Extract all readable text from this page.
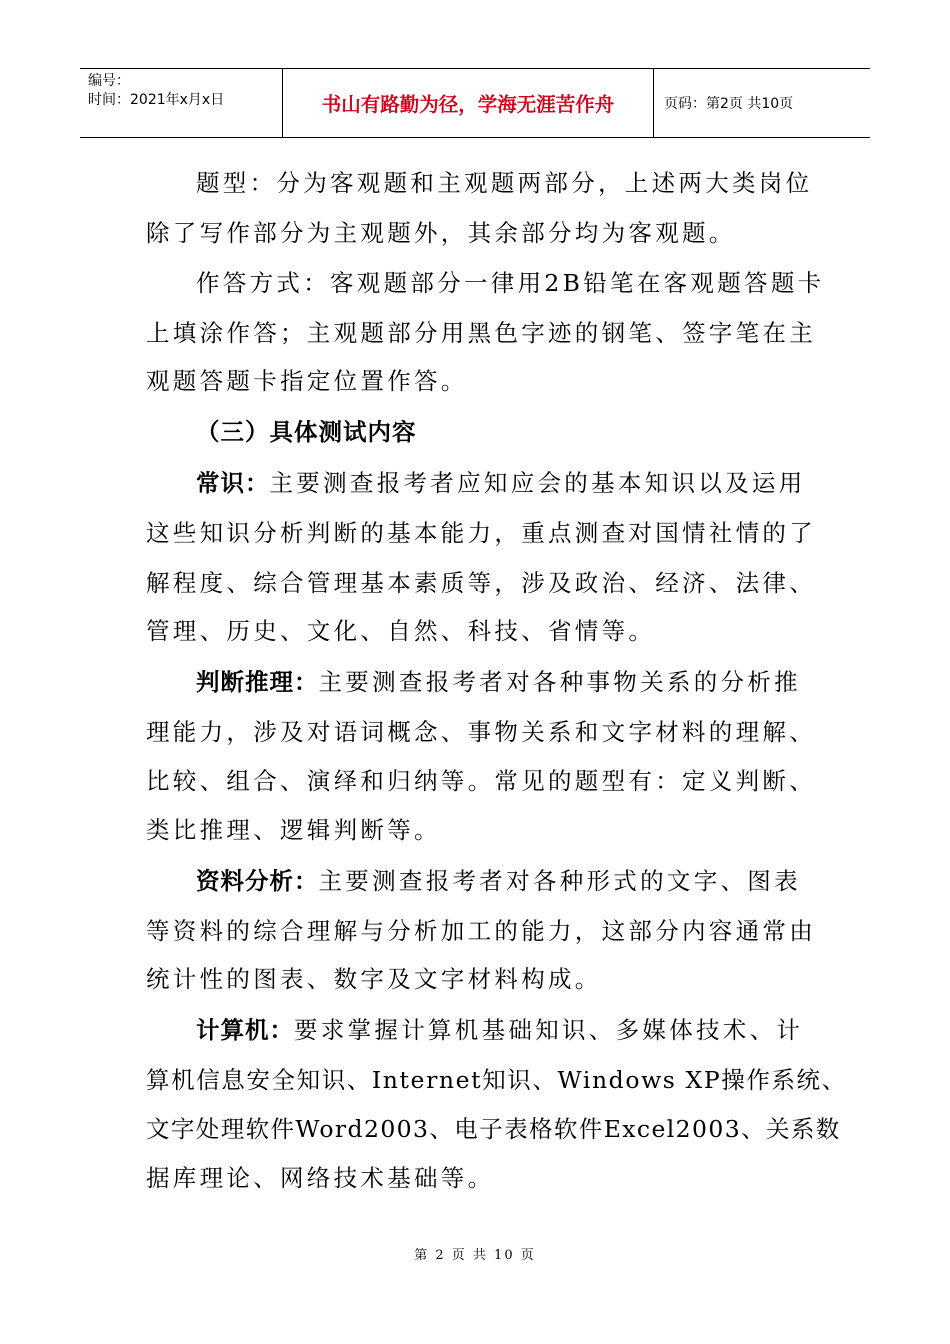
编号：
时间：2021年x月x日	书山有路勤为径，学海无涯苦作舟	页码：第2页 共10页
题型：分为客观题和主观题两部分，上述两大类岗位
除了写作部分为主观题外，其余部分均为客观题。
作答方式：客观题部分一律用2B铅笔在客观题答题卡
上填涂作答；主观题部分用黑色字迹的钢笔、签字笔在主
观题答题卡指定位置作答。
（三）具体测试内容
常识：主要测查报考者应知应会的基本知识以及运用
这些知识分析判断的基本能力，重点测查对国情社情的了
解程度、综合管理基本素质等，涉及政治、经济、法律、
管理、历史、文化、自然、科技、省情等。
判断推理：主要测查报考者对各种事物关系的分析推
理能力，涉及对语词概念、事物关系和文字材料的理解、
比较、组合、演绎和归纳等。常见的题型有：定义判断、
类比推理、逻辑判断等。
资料分析：主要测查报考者对各种形式的文字、图表
等资料的综合理解与分析加工的能力，这部分内容通常由
统计性的图表、数字及文字材料构成。
计算机：要求掌握计算机基础知识、多媒体技术、计
算机信息安全知识、Internet知识、Windows XP操作系统、
文字处理软件Word2003、电子表格软件Excel2003、关系数
据库理论、网络技术基础等。
第 2 页 共 10 页
